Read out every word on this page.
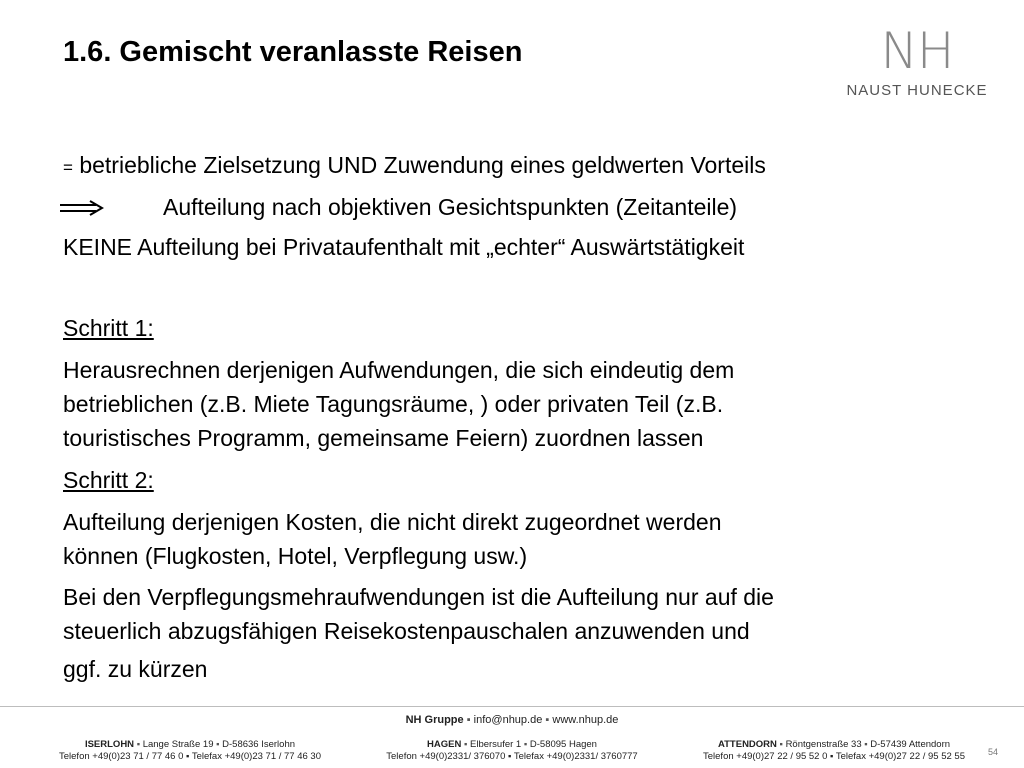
1.6. Gemischt veranlasste Reisen	NH
NAUST HUNECKE
= betriebliche Zielsetzung UND Zuwendung eines geldwerten Vorteils
Aufteilung nach objektiven Gesichtspunkten (Zeitanteile)
KEINE Aufteilung bei Privataufenthalt mit „echter“ Auswärtstätigkeit
Schritt 1:
Herausrechnen derjenigen Aufwendungen, die sich eindeutig dem
betrieblichen (z.B. Miete Tagungsräume, ) oder privaten Teil (z.B.
touristisches Programm, gemeinsame Feiern) zuordnen lassen
Schritt 2:
Aufteilung derjenigen Kosten, die nicht direkt zugeordnet werden
können (Flugkosten, Hotel, Verpflegung usw.)
Bei den Verpflegungsmehraufwendungen ist die Aufteilung nur auf die
steuerlich abzugsfähigen Reisekostenpauschalen anzuwenden und
ggf. zu kürzen
NH Gruppe ▪ info@nhup.de ▪ www.nhup.de
ISERLOHN ▪ Lange Straße 19 ▪ D-58636 Iserlohn
Telefon +49(0)23 71 / 77 46 0 ▪ Telefax +49(0)23 71 / 77 46 30
HAGEN ▪ Elbersufer 1 ▪ D-58095 Hagen
Telefon +49(0)2331/ 376070 ▪ Telefax +49(0)2331/ 3760777
ATTENDORN ▪ Röntgenstraße 33 ▪ D-57439 Attendorn
Telefon +49(0)27 22 / 95 52 0 ▪ Telefax +49(0)27 22 / 95 52 55	54
